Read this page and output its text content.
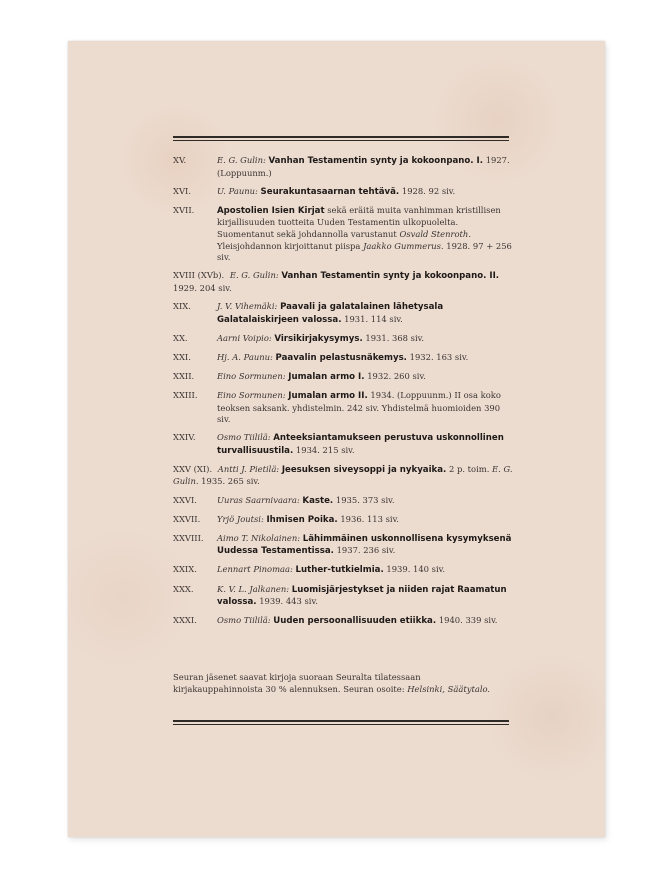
XV.	E. G. Gulin: Vanhan Testamentin synty ja kokoonpano. I. 1927. (Loppuunm.)
XVI.	U. Paunu: Seurakuntasaarnan tehtävä. 1928. 92 siv.
XVII.	Apostolien Isien Kirjat sekä eräitä muita vanhimman kristillisen kirjallisuuden tuotteita Uuden Testamentin ulkopuolelta. Suomentanut sekä johdannolla varustanut Osvald Stenroth. Yleisjohdannon kirjoittanut piispa Jaakko Gummerus. 1928. 97 + 256 siv.
XVIII (XVb). E. G. Gulin: Vanhan Testamentin synty ja kokoonpano. II. 1929. 204 siv.
XIX.	J. V. Vihemäki: Paavali ja galatalainen lähetysala Galatalaiskirjeen valossa. 1931. 114 siv.
XX.	Aarni Voipio: Virsikirjakysymys. 1931. 368 siv.
XXI.	Hj. A. Paunu: Paavalin pelastusnäkemys. 1932. 163 siv.
XXII.	Eino Sormunen: Jumalan armo I. 1932. 260 siv.
XXIII. Eino Sormunen: Jumalan armo II. 1934. (Loppuunm.) II osa koko teoksen saksank. yhdistelmin. 242 siv. Yhdistelmä huomioiden 390 siv.
XXIV.	Osmo Tiililä: Anteeksiantamukseen perustuva uskonnollinen turvallisuustila. 1934. 215 siv.
XXV (XI). Antti J. Pietilä: Jeesuksen siveysoppi ja nykyaika. 2 p. toim. E. G. Gulin. 1935. 265 siv.
XXVI. Uuras Saarnivaara: Kaste. 1935. 373 siv.
XXVII. Yrjö Joutsi: Ihmisen Poika. 1936. 113 siv.
XXVIII. Aimo T. Nikolainen: Lähimmäinen uskonnollisena kysymyksenä Uudessa Testamentissa. 1937. 236 siv.
XXIX. Lennart Pinomaa: Luther-tutkielmia. 1939. 140 siv.
XXX.	K. V. L. Jalkanen: Luomisjärjestykset ja niiden rajat Raamatun valossa. 1939. 443 siv.
XXXI. Osmo Tiililä: Uuden persoonallisuuden etiikka. 1940. 339 siv.

Seuran jäsenet saavat kirjoja suoraan Seuralta tilatessaan kirjakauppahinnoista 30 % alennuksen. Seuran osoite: Helsinki, Säätytalo.
